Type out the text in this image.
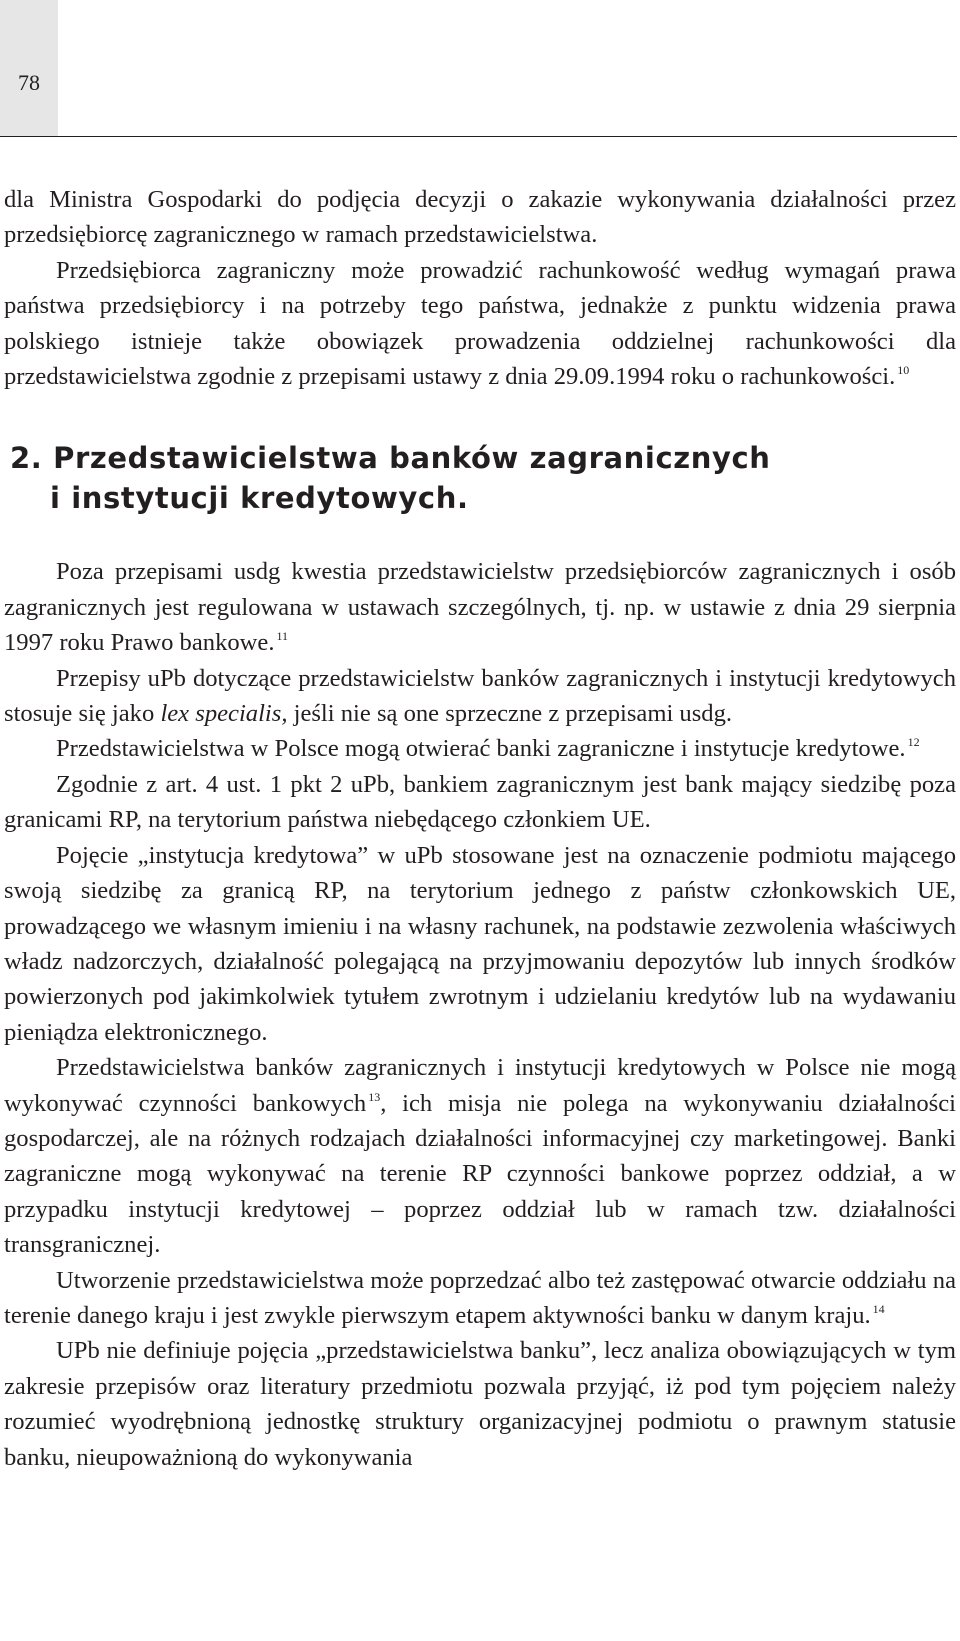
78

dla Ministra Gospodarki do podjęcia decyzji o zakazie wykonywania działalności przez przedsiębiorcę zagranicznego w ramach przedstawicielstwa.

Przedsiębiorca zagraniczny może prowadzić rachunkowość według wymagań prawa państwa przedsiębiorcy i na potrzeby tego państwa, jednakże z punktu widzenia prawa polskiego istnieje także obowiązek prowadzenia oddzielnej rachunkowości dla przedstawicielstwa zgodnie z przepisami ustawy z dnia 29.09.1994 roku o rachunkowości. $^{10}$

2. Przedstawicielstwa banków zagranicznych
i instytucji kredytowych.

Poza przepisami usdg kwestia przedstawicielstw przedsiębiorców zagranicznych i osób zagranicznych jest regulowana w ustawach szczególnych, tj. np. w ustawie z dnia 29 sierpnia 1997 roku Prawo bankowe. $^{11}$

Przepisy uPb dotyczące przedstawicielstw banków zagranicznych i instytucji kredytowych stosuje się jako lex specialis, jeśli nie są one sprzeczne z przepisami usdg.

Przedstawicielstwa w Polsce mogą otwierać banki zagraniczne i instytucje kredytowe. $^{12}$

Zgodnie z art. 4 ust. 1 pkt 2 uPb, bankiem zagranicznym jest bank mający siedzibę poza granicami RP, na terytorium państwa niebędącego członkiem UE.

Pojęcie „instytucja kredytowa” w uPb stosowane jest na oznaczenie podmiotu mającego swoją siedzibę za granicą RP, na terytorium jednego z państw członkowskich UE, prowadzącego we własnym imieniu i na własny rachunek, na podstawie zezwolenia właściwych władz nadzorczych, działalność polegającą na przyjmowaniu depozytów lub innych środków powierzonych pod jakimkolwiek tytułem zwrotnym i udzielaniu kredytów lub na wydawaniu pieniądza elektronicznego.

Przedstawicielstwa banków zagranicznych i instytucji kredytowych w Polsce nie mogą wykonywać czynności bankowych $^{13}$, ich misja nie polega na wykonywaniu działalności gospodarczej, ale na różnych rodzajach działalności informacyjnej czy marketingowej. Banki zagraniczne mogą wykonywać na terenie RP czynności bankowe poprzez oddział, a w przypadku instytucji kredytowej – poprzez oddział lub w ramach tzw. działalności transgranicznej.

Utworzenie przedstawicielstwa może poprzedzać albo też zastępować otwarcie oddziału na terenie danego kraju i jest zwykle pierwszym etapem aktywności banku w danym kraju. $^{14}$

UPb nie definiuje pojęcia „przedstawicielstwa banku”, lecz analiza obowiązujących w tym zakresie przepisów oraz literatury przedmiotu pozwala przyjąć, iż pod tym pojęciem należy rozumieć wyodrębnioną jednostkę struktury organizacyjnej podmiotu o prawnym statusie banku, nieupoważnioną do wykonywania
